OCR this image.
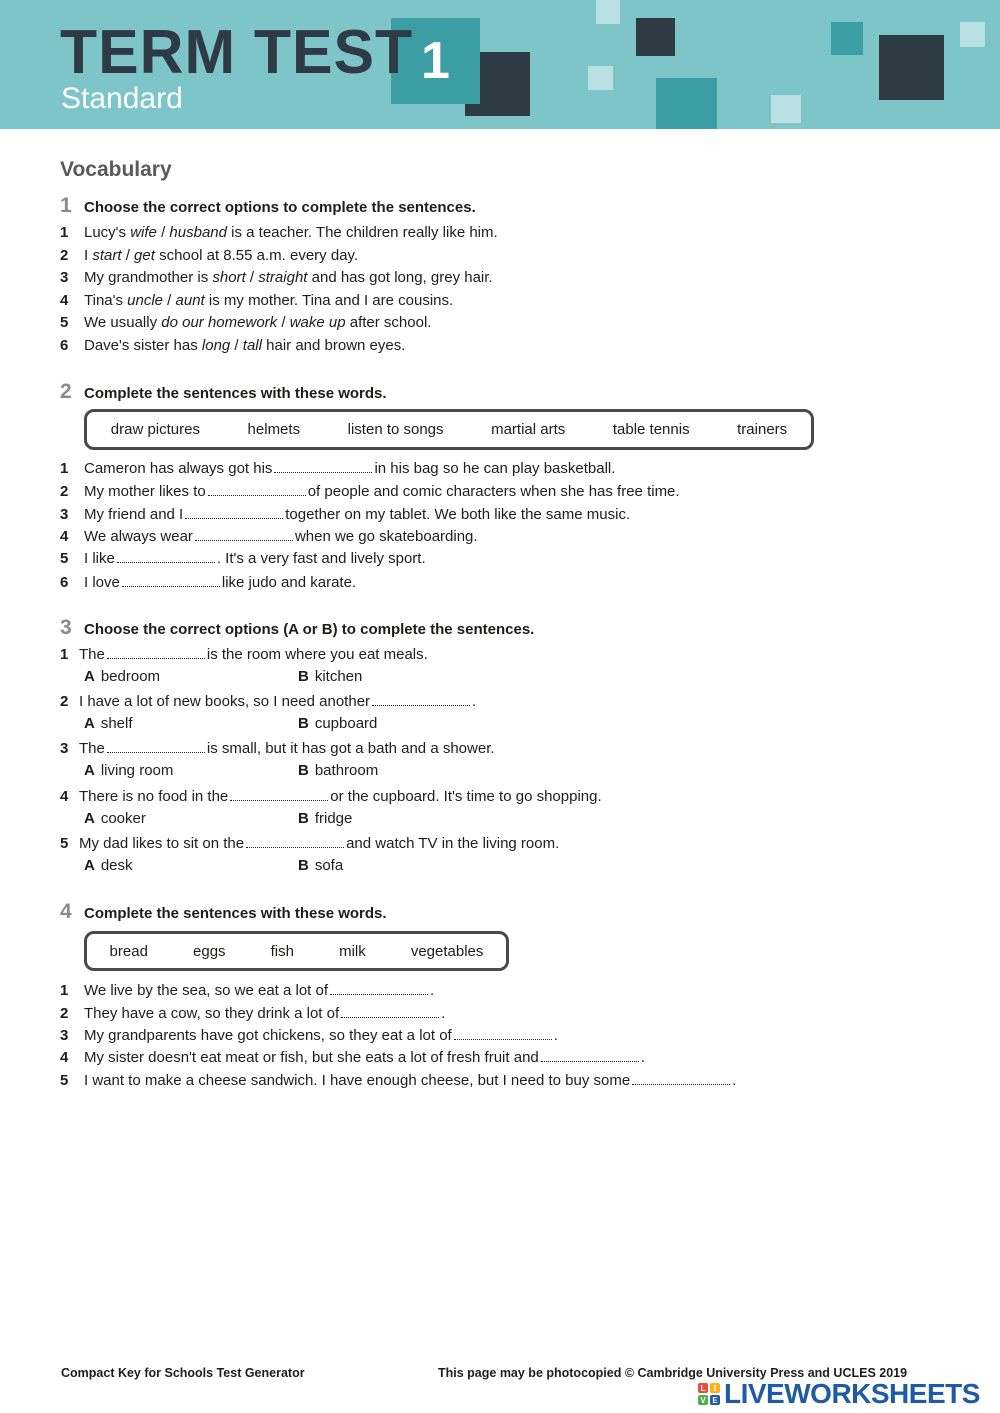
1
TERM TEST
Standard
Vocabulary
1 Choose the correct options to complete the sentences.
1 Lucy's wife / husband is a teacher. The children really like him.
2 I start / get school at 8.55 a.m. every day.
3 My grandmother is short / straight and has got long, grey hair.
4 Tina's uncle / aunt is my mother. Tina and I are cousins.
5 We usually do our homework / wake up after school.
6 Dave's sister has long / tall hair and brown eyes.
2 Complete the sentences with these words.
draw pictures	helmets	listen to songs	martial arts	table tennis	trainers
1 Cameron has always got his	in his bag so he can play basketball.
2 My mother likes to	of people and comic characters when she has free time.
3 My friend and I	together on my tablet. We both like the same music.
4 We always wear	when we go skateboarding.
5 I like	. It's a very fast and lively sport.
6 I love	like judo and karate.
3 Choose the correct options (A or B) to complete the sentences.
1 The	is the room where you eat meals.
A bedroom	B kitchen
2 I have a lot of new books, so I need another	.
A shelf	B cupboard
3 The	is small, but it has got a bath and a shower.
A living room	B bathroom
4 There is no food in the	or the cupboard. It's time to go shopping.
A cooker	B fridge
5 My dad likes to sit on the	and watch TV in the living room.
A desk	B sofa
4 Complete the sentences with these words.
bread	eggs	fish	milk	vegetables
1 We live by the sea, so we eat a lot of	.
2 They have a cow, so they drink a lot of	.
3 My grandparents have got chickens, so they eat a lot of	.
4 My sister doesn't eat meat or fish, but she eats a lot of fresh fruit and	.
5 I want to make a cheese sandwich. I have enough cheese, but I need to buy some	.
Compact Key for Schools Test Generator	This page may be photocopied © Cambridge University Press and UCLES 2019
L	I
V E LIVEWORKSHEETS
